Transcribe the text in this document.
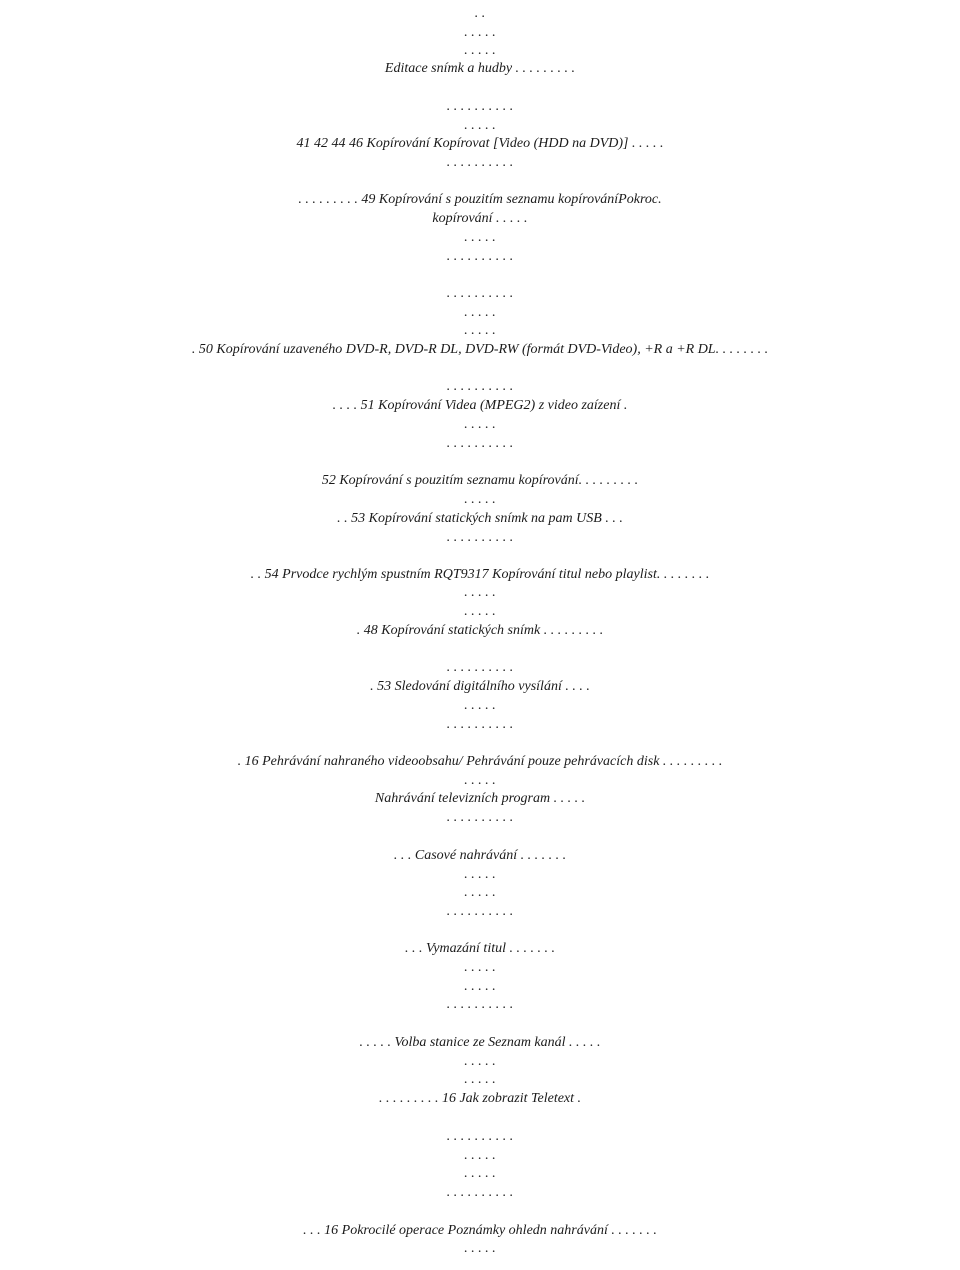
. .
. . . . .
. . . . .
Editace snímk a hudby . . . . . . . . .
. . . . . . . . . .
. . . . .
41 42 44 46 Kopírování Kopírovat [Video (HDD na DVD)] . . . . .
. . . . . . . . . .
. . . . . . . . . 49 Kopírování s pouzitím seznamu kopírováníPokroc.
kopírování . . . . .
. . . . .
. . . . . . . . . .
. . . . . . . . . .
. . . . .
. . . . .
. 50 Kopírování uzaveného DVD-R, DVD-R DL, DVD-RW (formát DVD-Video), +R a +R DL. . . . . . . .
. . . . . . . . . .
. . . . 51 Kopírování Videa (MPEG2) z video zaízení .
. . . . .
. . . . . . . . . .
52 Kopírování s pouzitím seznamu kopírování. . . . . . . . .
. . . . .
. . 53 Kopírování statických snímk na pam USB . . .
. . . . . . . . . .
. . 54 Prvodce rychlým spustním RQT9317 Kopírování titul nebo playlist. . . . . . . .
. . . . .
. . . . .
. 48 Kopírování statických snímk . . . . . . . . .
. . . . . . . . . .
. 53 Sledování digitálního vysílání . . . .
. . . . .
. . . . . . . . . .
. 16 Pehrávání nahraného videoobsahu/ Pehrávání pouze pehrávacích disk . . . . . . . . .
. . . . .
Nahrávání televizních program . . . . .
. . . . . . . . . .
. . . Casové nahrávání . . . . . . .
. . . . .
. . . . .
. . . . . . . . . .
. . . Vymazání titul . . . . . . .
. . . . .
. . . . .
. . . . . . . . . .
. . . . . Volba stanice ze Seznam kanál . . . . .
. . . . .
. . . . .
. . . . . . . . . 16 Jak zobrazit Teletext .
. . . . . . . . . .
. . . . .
. . . . .
. . . . . . . . . .
. . . 16 Pokrocilé operace Poznámky ohledn nahrávání . . . . . . .
. . . . .
